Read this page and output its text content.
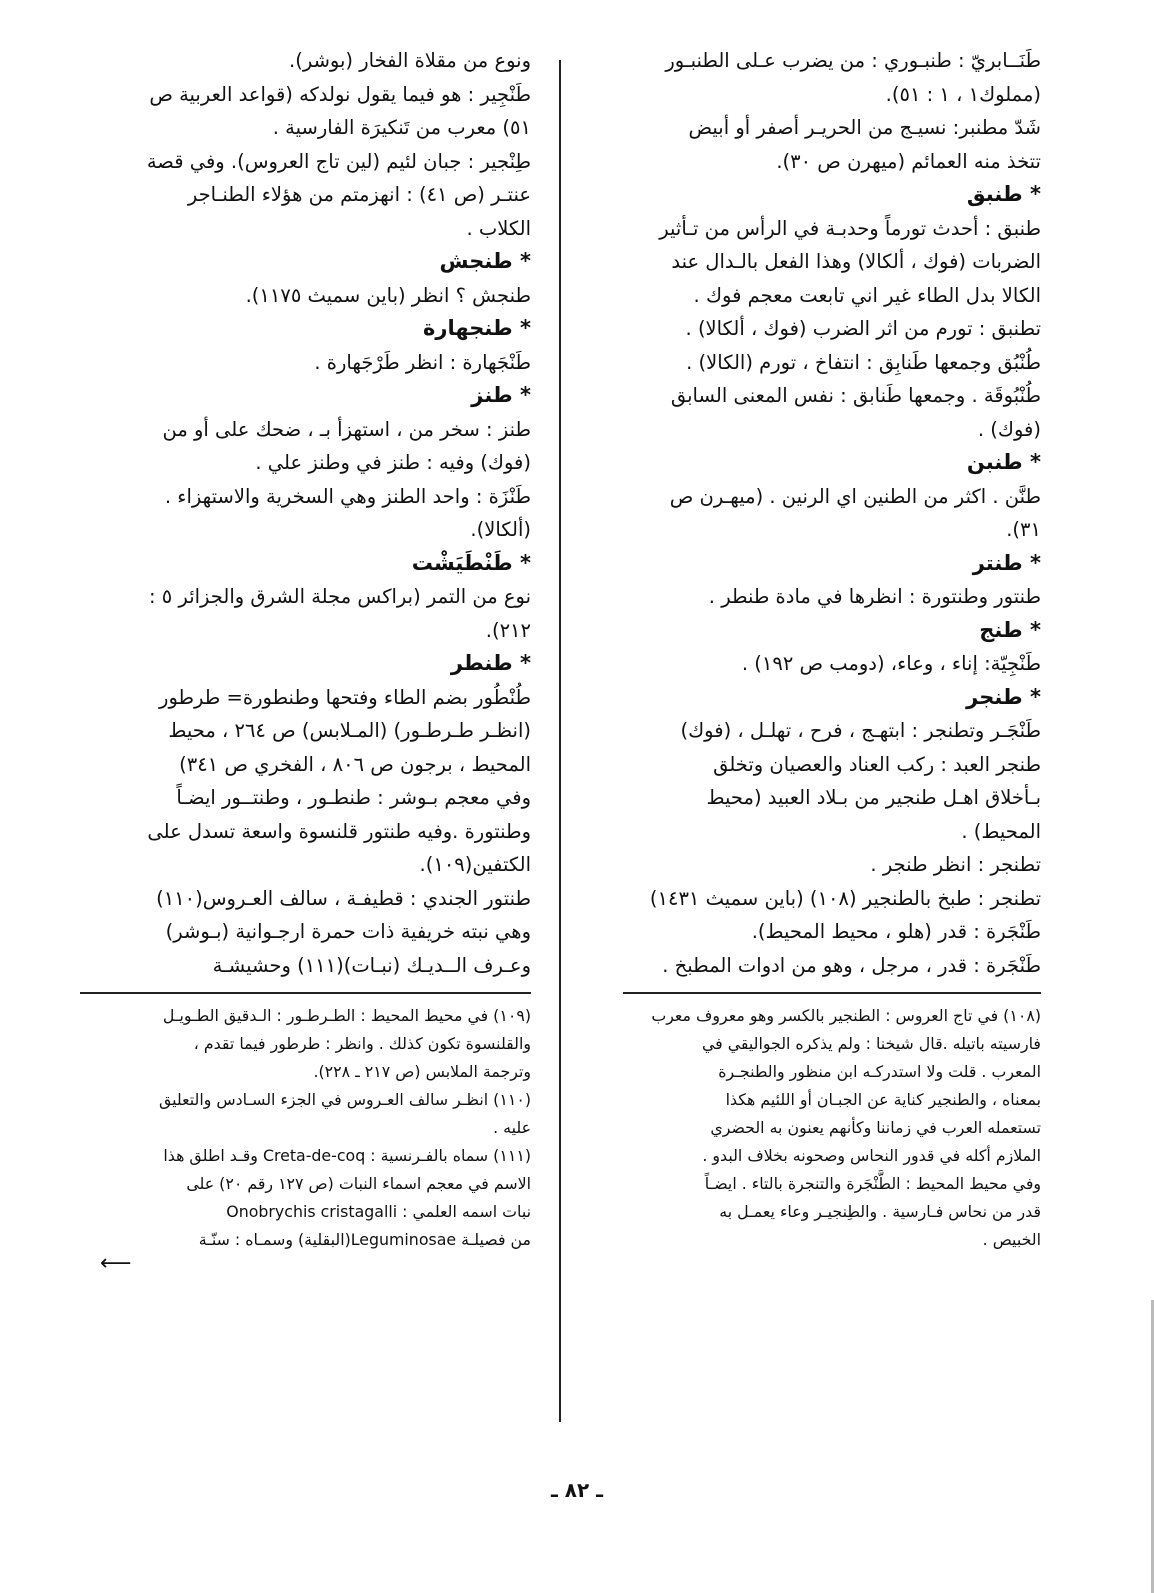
طَنَــابريّ : طنبـوري : من يضرب عـلى الطنبـور
(مملوك١ ، ١ : ٥١).
شَدّ مطنبر: نسيـج من الحريـر أصفر أو أبيض
تتخذ منه العمائم (ميهرن ص ٣٠).
* طنبق
طنبق : أحدث تورماً وحدبـة في الرأس من تـأثير
الضربات (فوك ، ألكالا) وهذا الفعل بالـدال عند
الكالا بدل الطاء غير اني تابعت معجم فوك .
تطنبق : تورم من اثر الضرب (فوك ، ألكالا) .
طُنْبُق وجمعها طَنابِق : انتفاخ ، تورم (الكالا) .
طُنْبُوقَة . وجمعها طَنابق : نفس المعنى السابق
(فوك) .
* طنبن
طنَّن . اكثر من الطنين اي الرنين . (ميهـرن ص
٣١).
* طنتر
طنتور وطنتورة : انظرها في مادة طنطر .
* طنج
طَنْجِيّة: إناء ، وعاء، (دومب ص ١٩٢) .
* طنجر
طَنْجَـر وتطنجر : ابتهـج ، فرح ، تهلـل ، (فوك)
طنجر العبد : ركب العناد والعصيان وتخلق
بـأخلاق اهـل طنجير من بـلاد العبيد (محيط
المحيط) .
تطنجر : انظر طنجر .
تطنجر : طبخ بالطنجير (١٠٨) (باين سميث ١٤٣١)
طَنْجَرة : قدر (هلو ، محيط المحيط).
طَنْجَرة : قدر ، مرجل ، وهو من ادوات المطبخ .
(١٠٨) في تاج العروس : الطنجير بالكسر وهو معروف معرب
فارسيته باتيله .قال شيخنا : ولم يذكره الجواليقي في
المعرب . قلت ولا استدركـه ابن منظور والطنجـرة
بمعناه ، والطنجير كناية عن الجبـان أو اللئيم هكذا
تستعمله العرب في زماننا وكأنهم يعنون به الحضري
الملازم أكله في قدور النحاس وصحونه بخلاف البدو .
وفي محيط المحيط : الطَّنْجَرة والتنجرة بالتاء . ايضـاً
قدر من نحاس فـارسية . والطِنجيـر وعاء يعمـل به
الخبيص .
ونوع من مقلاة الفخار (بوشر).
طَنْجِير : هو فيما يقول نولدكه (قواعد العربية ص
٥١) معرب من تَنكيرَة الفارسية .
طِنْجير : جبان لئيم (لين تاج العروس). وفي قصة
عنتـر (ص ٤١) : انهزمتم من هؤلاء الطنـاجر
الكلاب .
* طنجش
طنجش ؟ انظر (باين سميث ١١٧٥).
* طنجهارة
طَنْجَهارة : انظر طَرْجَهارة .
* طنز
طنز : سخر من ، استهزأ بـ ، ضحك على أو من
(فوك) وفيه : طنز في وطنز علي .
طَنْزَة : واحد الطنز وهي السخرية والاستهزاء .
(ألكالا).
* طَنْطَيَشْت
نوع من التمر (براكس مجلة الشرق والجزائر ٥ :
٢١٢).
* طنطر
طُنْطُور بضم الطاء وفتحها وطنطورة= طرطور
(انظـر طـرطـور) (المـلابس) ص ٢٦٤ ، محيط
المحيط ، برجون ص ٨٠٦ ، الفخري ص ٣٤١)
وفي معجم بـوشر : طنطـور ، وطنتــور ايضـاً
وطنتورة .وفيه طنتور قلنسوة واسعة تسدل على
الكتفين(١٠٩).
طنتور الجندي : قطيفـة ، سالف العـروس(١١٠)
وهي نبته خريفية ذات حمرة ارجـوانية (بـوشر)
وعـرف الــديـك (نبـات)(١١١) وحشيشـة
(١٠٩) في محيط المحيط : الطـرطـور : الـدقيق الطـويـل
والقلنسوة تكون كذلك . وانظر : طرطور فيما تقدم ،
وترجمة الملابس (ص ٢١٧ ـ ٢٢٨).
(١١٠) انظـر سالف العـروس في الجزء السـادس والتعليق
عليه .
(١١١) سماه بالفـرنسية : Creta-de-coq وقـد اطلق هذا
الاسم في معجم اسماء النبات (ص ١٢٧ رقم ٢٠) على
نبات اسمه العلمي : Onobrychis cristagalli
من فصيلـة Leguminosae(البقلية) وسمـاه : سنّـة
⟵
ـ ٨٢ ـ
